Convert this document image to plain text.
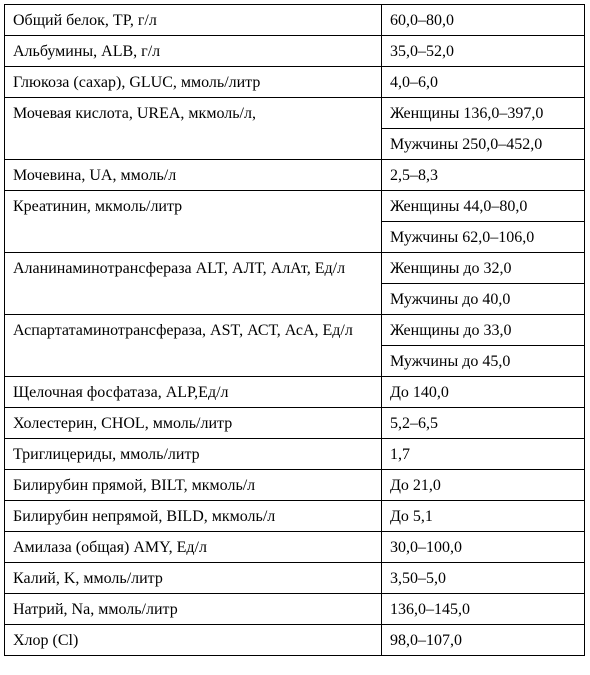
Общий белок, TP, г/л	60,0–80,0
Альбумины, ALB, г/л	35,0–52,0
Глюкоза (сахар), GLUC, ммоль/литр	4,0–6,0
Мочевая кислота, UREA, мкмоль/л,	Женщины 136,0–397,0
	Мужчины 250,0–452,0
Мочевина, UA, ммоль/л	2,5–8,3
Креатинин, мкмоль/литр	Женщины 44,0–80,0
	Мужчины 62,0–106,0
Аланинаминотрансфераза ALT, АЛТ, АлАт, Ед/л	Женщины до 32,0
	Мужчины до 40,0
Аспартатаминотрансфераза, AST, АСТ, АсА, Ед/л	Женщины до 33,0
	Мужчины до 45,0
Щелочная фосфатаза, ALP,Ед/л	До 140,0
Холестерин, CHOL, ммоль/литр	5,2–6,5
Триглицериды, ммоль/литр	1,7
Билирубин прямой, BILT, мкмоль/л	До 21,0
Билирубин непрямой, BILD, мкмоль/л	До 5,1
Амилаза (общая) AMY, Ед/л	30,0–100,0
Калий, K, ммоль/литр	3,50–5,0
Натрий, Na, ммоль/литр	136,0–145,0
Хлор (Cl)	98,0–107,0
